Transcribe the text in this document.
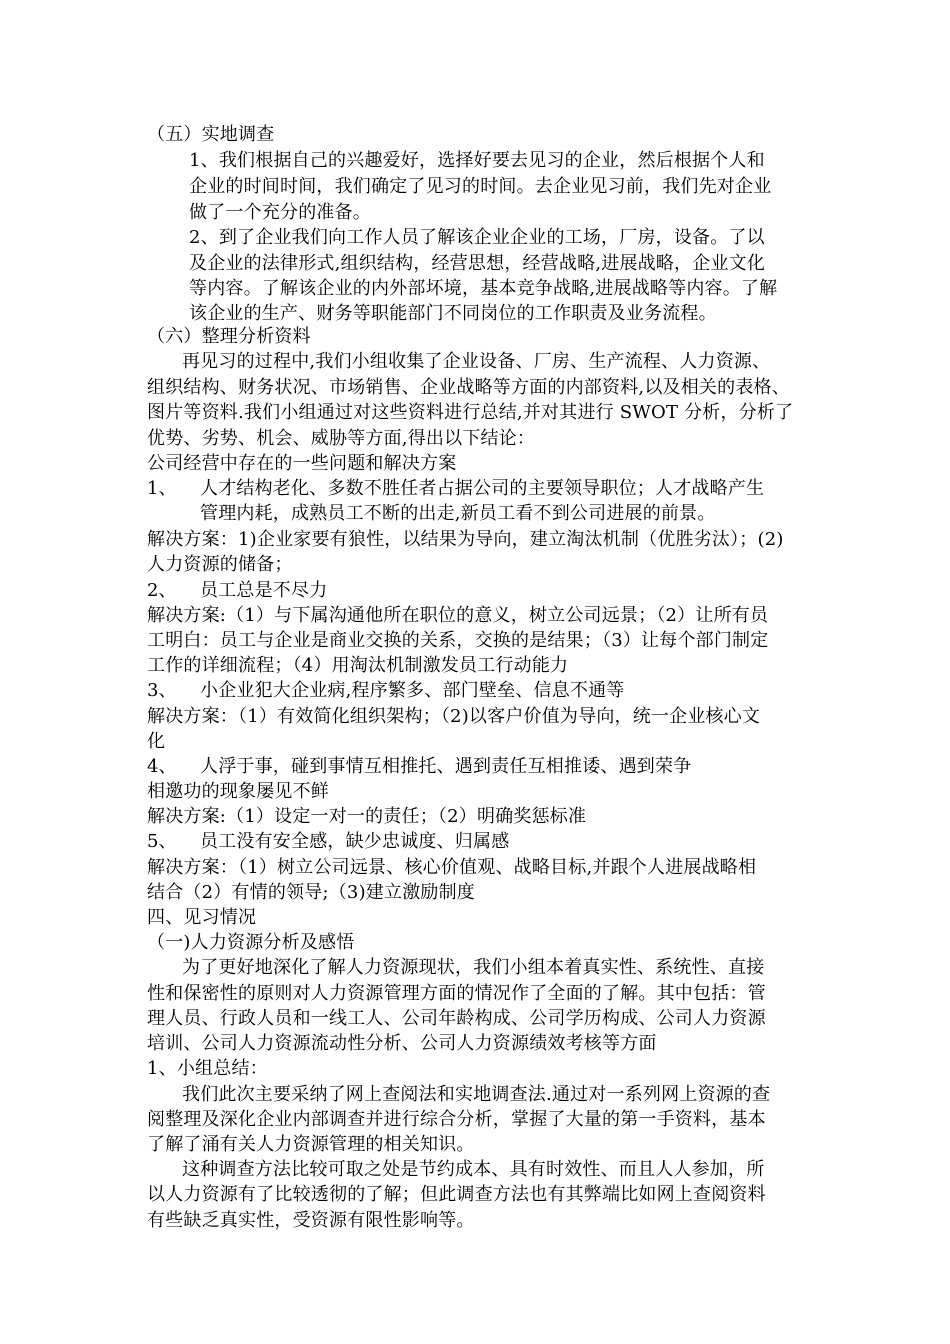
（五）实地调查
1、我们根据自己的兴趣爱好，选择好要去见习的企业，然后根据个人和
企业的时间时间，我们确定了见习的时间。去企业见习前，我们先对企业
做了一个充分的准备。
2、到了企业我们向工作人员了解该企业企业的工场，厂房，设备。了以
及企业的法律形式,组织结构，经营思想，经营战略,进展战略，企业文化
等内容。了解该企业的内外部坏境，基本竞争战略,进展战略等内容。了解
该企业的生产、财务等职能部门不同岗位的工作职责及业务流程。
（六）整理分析资料
再见习的过程中,我们小组收集了企业设备、厂房、生产流程、人力资源、
组织结构、财务状况、市场销售、企业战略等方面的内部资料,以及相关的表格、
图片等资料.我们小组通过对这些资料进行总结,并对其进行 SWOT 分析，分析了
优势、劣势、机会、威胁等方面,得出以下结论：
公司经营中存在的一些问题和解决方案
1、 人才结构老化、多数不胜任者占据公司的主要领导职位；人才战略产生
管理内耗，成熟员工不断的出走,新员工看不到公司进展的前景。
解决方案：1)企业家要有狼性，以结果为导向，建立淘汰机制（优胜劣汰）；(2)
人力资源的储备；
2、 员工总是不尽力
解决方案:（1）与下属沟通他所在职位的意义，树立公司远景；（2）让所有员
工明白：员工与企业是商业交换的关系，交换的是结果；（3）让每个部门制定
工作的详细流程；（4）用淘汰机制激发员工行动能力
3、 小企业犯大企业病,程序繁多、部门壁垒、信息不通等
解决方案：（1）有效简化组织架构；（2)以客户价值为导向，统一企业核心文
化
4、 人浮于事，碰到事情互相推托、遇到责任互相推诿、遇到荣争
相邀功的现象屡见不鲜
解决方案:（1）设定一对一的责任；（2）明确奖惩标准
5、 员工没有安全感，缺少忠诚度、归属感
解决方案：（1）树立公司远景、核心价值观、战略目标,并跟个人进展战略相
结合（2）有情的领导;（3)建立激励制度
四、见习情况
（一)人力资源分析及感悟
为了更好地深化了解人力资源现状，我们小组本着真实性、系统性、直接
性和保密性的原则对人力资源管理方面的情况作了全面的了解。其中包括：管
理人员、行政人员和一线工人、公司年龄构成、公司学历构成、公司人力资源
培训、公司人力资源流动性分析、公司人力资源绩效考核等方面
1、小组总结：
我们此次主要采纳了网上查阅法和实地调查法.通过对一系列网上资源的查
阅整理及深化企业内部调查并进行综合分析，掌握了大量的第一手资料，基本
了解了涌有关人力资源管理的相关知识。
这种调查方法比较可取之处是节约成本、具有时效性、而且人人参加，所
以人力资源有了比较透彻的了解；但此调查方法也有其弊端比如网上查阅资料
有些缺乏真实性，受资源有限性影响等。
